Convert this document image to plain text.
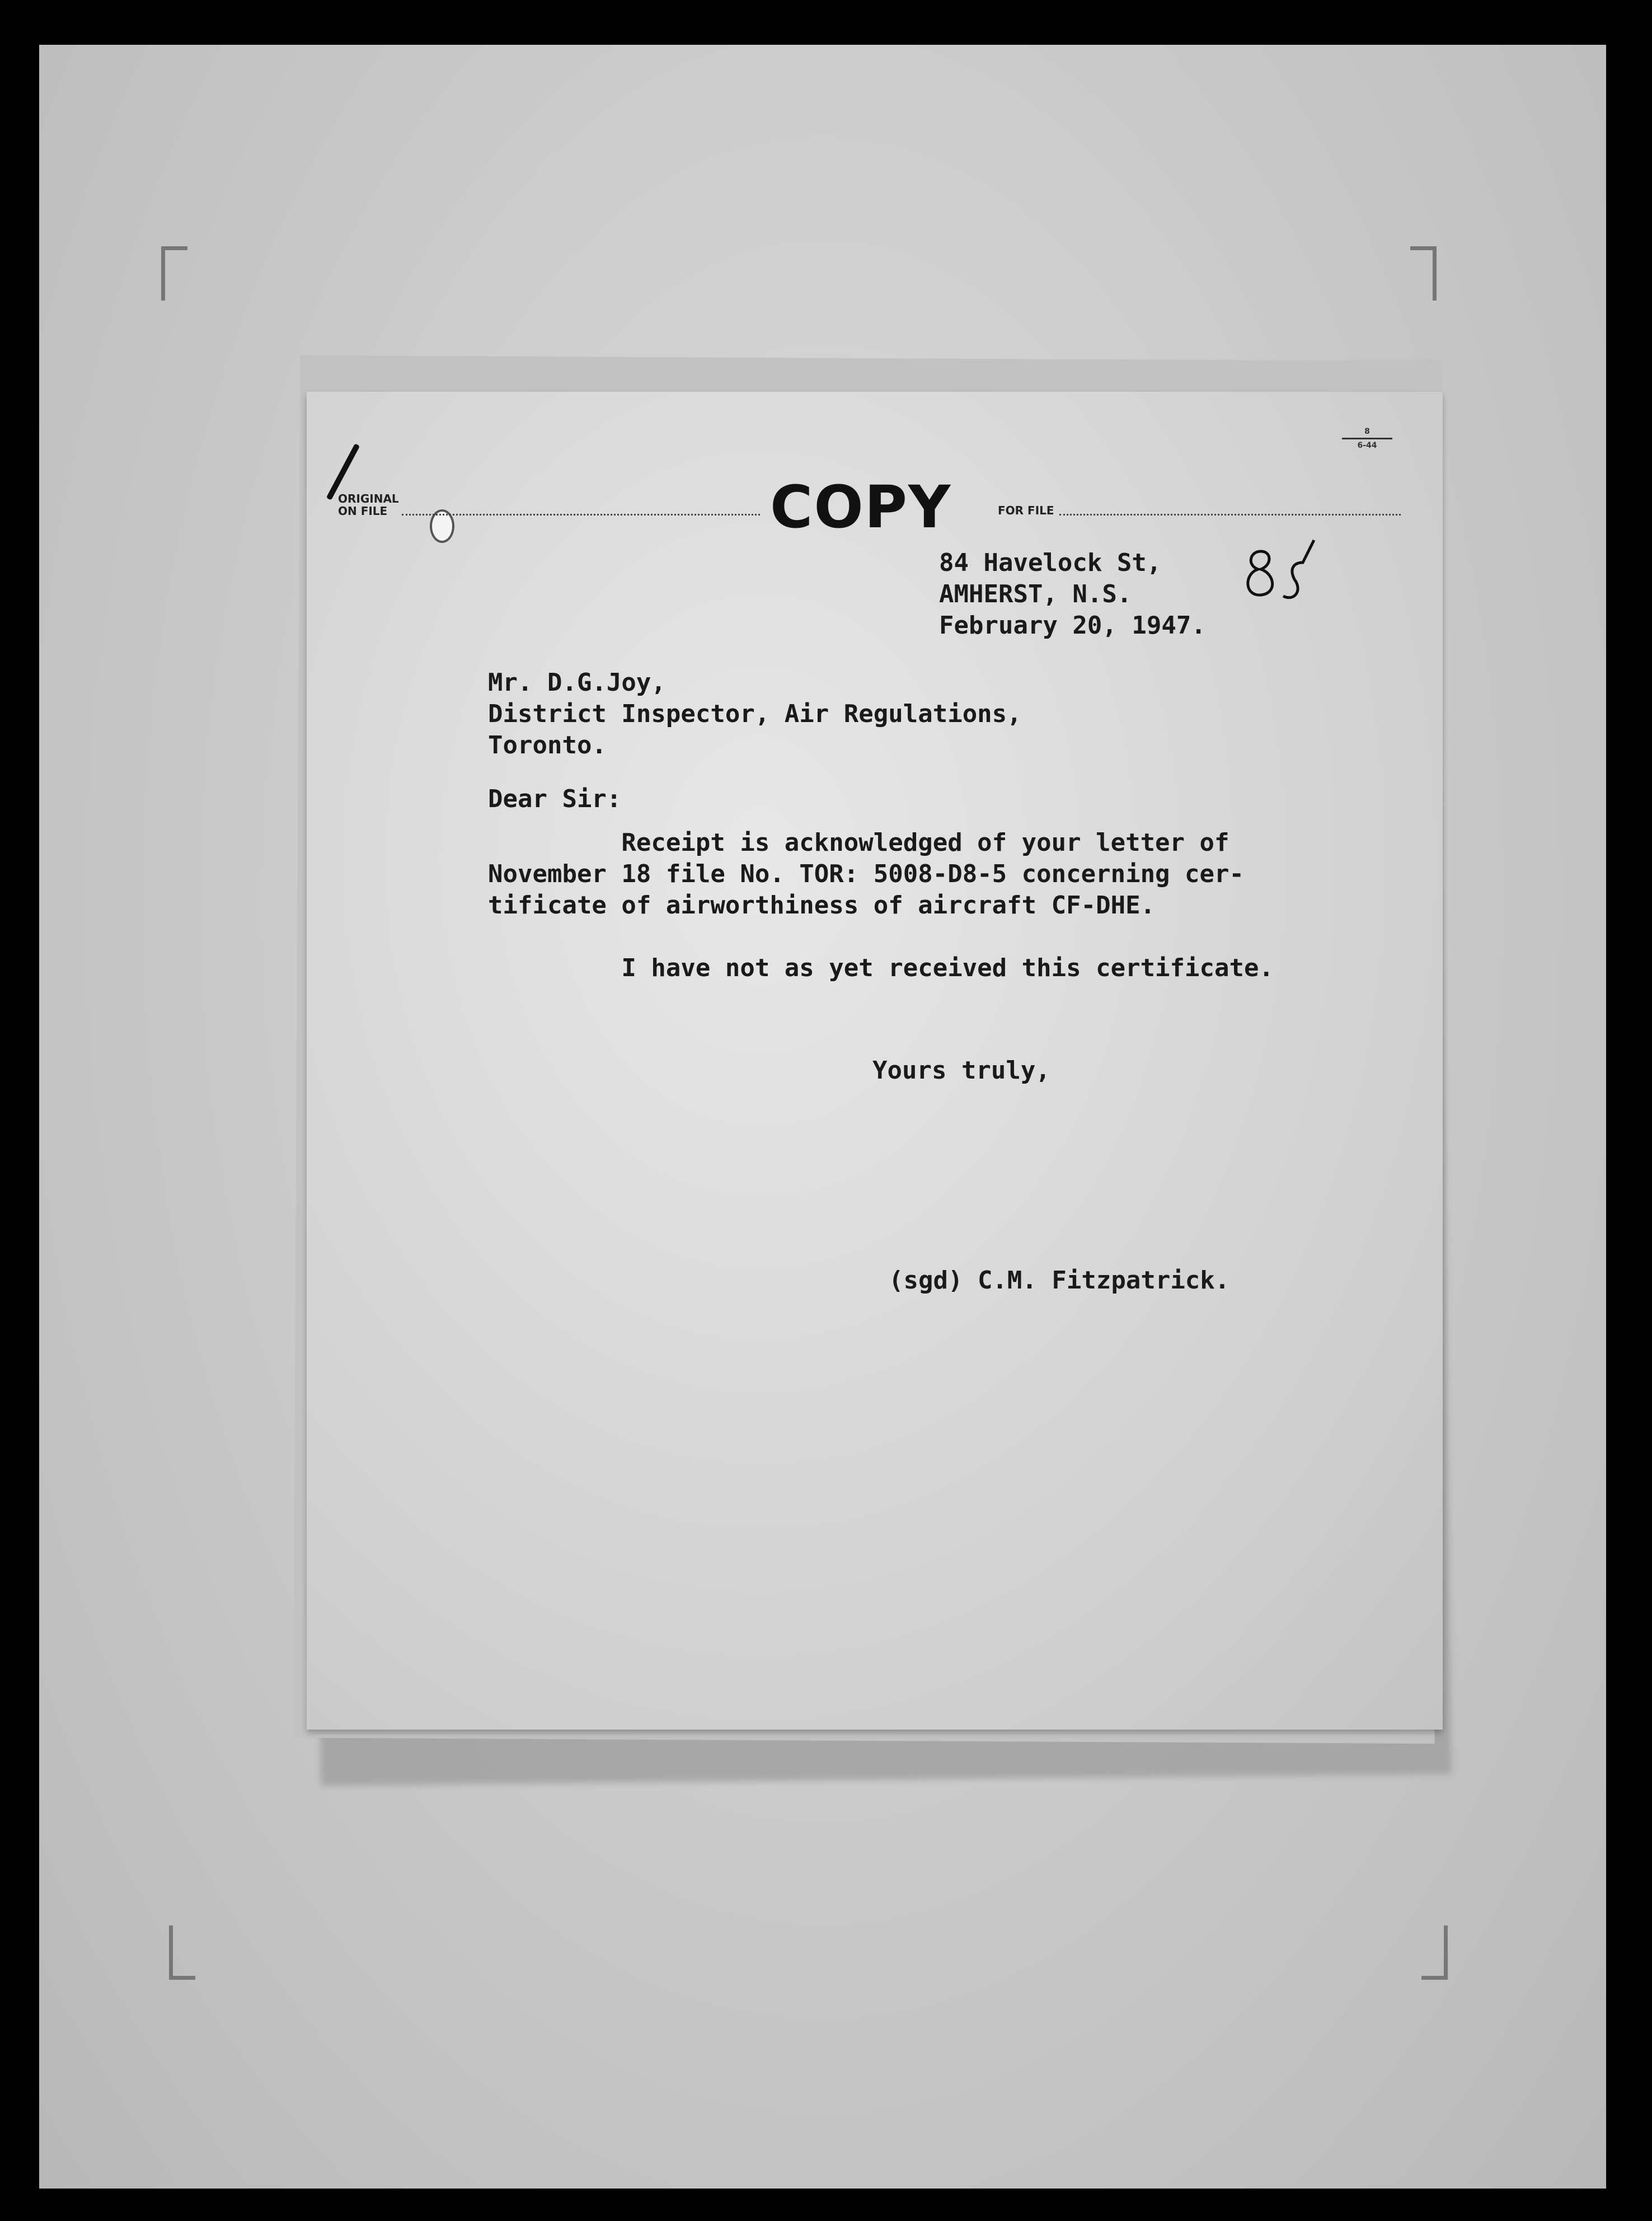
ORIGINAL ON FILE	COPY	FOR FILE
8
6-44
84 Havelock St,
AMHERST, N.S.
February 20, 1947.
Mr. D.G.Joy,
District Inspector, Air Regulations,
Toronto.
Dear Sir:
Receipt is acknowledged of your letter of
November 18 file No. TOR: 5008-D8-5 concerning cer-
tificate of airworthiness of aircraft CF-DHE.

I have not as yet received this certificate.
Yours truly,
(sgd) C.M. Fitzpatrick.
